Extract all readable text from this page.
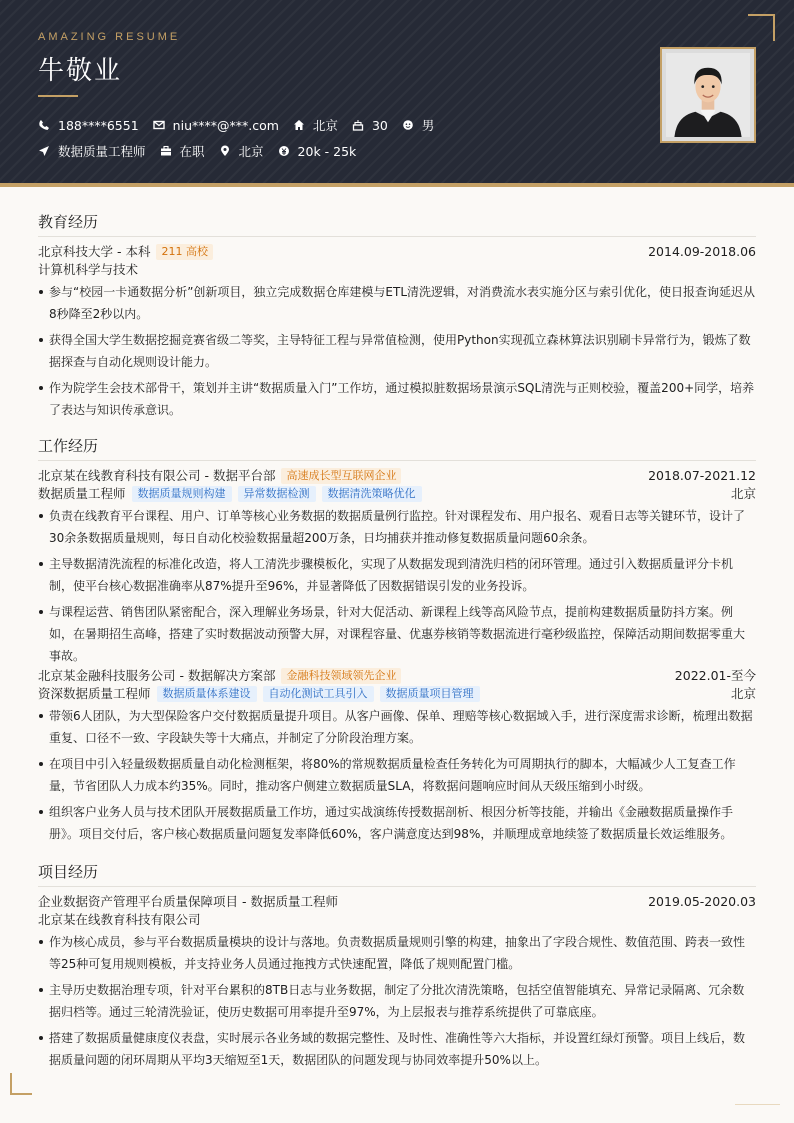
AMAZING RESUME
牛敬业
188****6551	niu****@***.com	北京	30	男
数据质量工程师	在职	北京	20k - 25k
教育经历
北京科技大学 - 本科	211 高校	2014.09-2018.06
计算机科学与技术
参与“校园一卡通数据分析”创新项目，独立完成数据仓库建模与ETL清洗逻辑，对消费流水表实施分区与索引优化，使日报查询延迟从8秒降至2秒以内。
获得全国大学生数据挖掘竞赛省级二等奖，主导特征工程与异常值检测，使用Python实现孤立森林算法识别刷卡异常行为，锻炼了数据探查与自动化规则设计能力。
作为院学生会技术部骨干，策划并主讲“数据质量入门”工作坊，通过模拟脏数据场景演示SQL清洗与正则校验，覆盖200+同学，培养了表达与知识传承意识。
工作经历
北京某在线教育科技有限公司 - 数据平台部	高速成长型互联网企业	2018.07-2021.12
数据质量工程师	数据质量规则构建	异常数据检测	数据清洗策略优化	北京
负责在线教育平台课程、用户、订单等核心业务数据的数据质量例行监控。针对课程发布、用户报名、观看日志等关键环节，设计了30余条数据质量规则，每日自动化校验数据量超200万条，日均捕获并推动修复数据质量问题60余条。
主导数据清洗流程的标准化改造，将人工清洗步骤模板化，实现了从数据发现到清洗归档的闭环管理。通过引入数据质量评分卡机制，使平台核心数据准确率从87%提升至96%，并显著降低了因数据错误引发的业务投诉。
与课程运营、销售团队紧密配合，深入理解业务场景，针对大促活动、新课程上线等高风险节点，提前构建数据质量防抖方案。例如，在暑期招生高峰，搭建了实时数据波动预警大屏，对课程容量、优惠券核销等数据流进行毫秒级监控，保障活动期间数据零重大事故。
北京某金融科技服务公司 - 数据解决方案部	金融科技领域领先企业	2022.01-至今
资深数据质量工程师	数据质量体系建设	自动化测试工具引入	数据质量项目管理	北京
带领6人团队，为大型保险客户交付数据质量提升项目。从客户画像、保单、理赔等核心数据域入手，进行深度需求诊断，梳理出数据重复、口径不一致、字段缺失等十大痛点，并制定了分阶段治理方案。
在项目中引入轻量级数据质量自动化检测框架，将80%的常规数据质量检查任务转化为可周期执行的脚本，大幅减少人工复查工作量，节省团队人力成本约35%。同时，推动客户侧建立数据质量SLA，将数据问题响应时间从天级压缩到小时级。
组织客户业务人员与技术团队开展数据质量工作坊，通过实战演练传授数据剖析、根因分析等技能，并输出《金融数据质量操作手册》。项目交付后，客户核心数据质量问题复发率降低60%，客户满意度达到98%，并顺理成章地续签了数据质量长效运维服务。
项目经历
企业数据资产管理平台质量保障项目 - 数据质量工程师	2019.05-2020.03
北京某在线教育科技有限公司
作为核心成员，参与平台数据质量模块的设计与落地。负责数据质量规则引擎的构建，抽象出了字段合规性、数值范围、跨表一致性等25种可复用规则模板，并支持业务人员通过拖拽方式快速配置，降低了规则配置门槛。
主导历史数据治理专项，针对平台累积的8TB日志与业务数据，制定了分批次清洗策略，包括空值智能填充、异常记录隔离、冗余数据归档等。通过三轮清洗验证，使历史数据可用率提升至97%，为上层报表与推荐系统提供了可靠底座。
搭建了数据质量健康度仪表盘，实时展示各业务域的数据完整性、及时性、准确性等六大指标，并设置红绿灯预警。项目上线后，数据质量问题的闭环周期从平均3天缩短至1天，数据团队的问题发现与协同效率提升50%以上。
